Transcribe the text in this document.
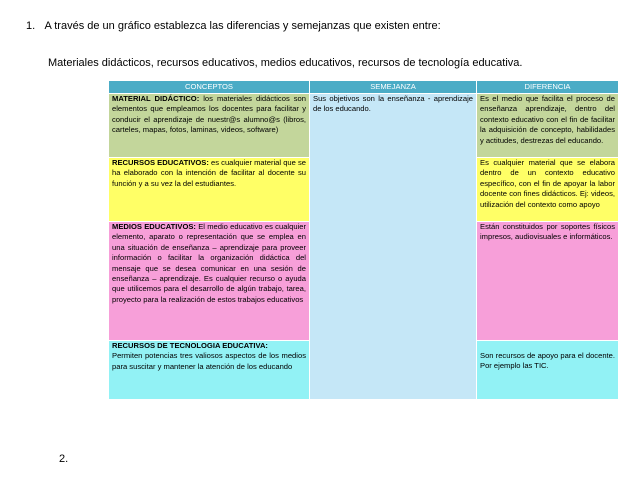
1. A través de un gráfico establezca las diferencias y semejanzas que existen entre:
Materiales didácticos, recursos educativos, medios educativos, recursos de tecnología educativa.
CONCEPTOS	SEMEJANZA	DIFERENCIA
MATERIAL DIDÁCTICO: los materiales didácticos son elementos que empleamos los docentes para facilitar y conducir el aprendizaje de nuestr@s alumno@s (libros, carteles, mapas, fotos, laminas, videos, software)	Sus objetivos son la enseñanza - aprendizaje de los educando.	Es el medio que facilita el proceso de enseñanza aprendizaje, dentro del contexto educativo con el fin de facilitar la adquisición de concepto, habilidades y actitudes, destrezas del educando.
RECURSOS EDUCATIVOS: es cualquier material que se ha elaborado con la intención de facilitar al docente su función y a su vez la del estudiantes.		Es cualquier material que se elabora dentro de un contexto educativo específico, con el fin de apoyar la labor docente con fines didácticos. Ej: videos, utilización del contexto como apoyo
MEDIOS EDUCATIVOS: El medio educativo es cualquier elemento, aparato o representación que se emplea en una situación de enseñanza – aprendizaje para proveer información o facilitar la organización didáctica del mensaje que se desea comunicar en una sesión de enseñanza – aprendizaje. Es cualquier recurso o ayuda que utilicemos para el desarrollo de algún trabajo, tarea, proyecto para la realización de estos trabajos educativos		Están constituidos por soportes físicos impresos, audiovisuales e informáticos.

RECURSOS DE TECNOLOGIA EDUCATIVA:
Permiten potencias tres valiosos aspectos de los medios para suscitar y mantener la atención de los educando		Son recursos de apoyo para el docente. Por ejemplo las TIC.
2.
